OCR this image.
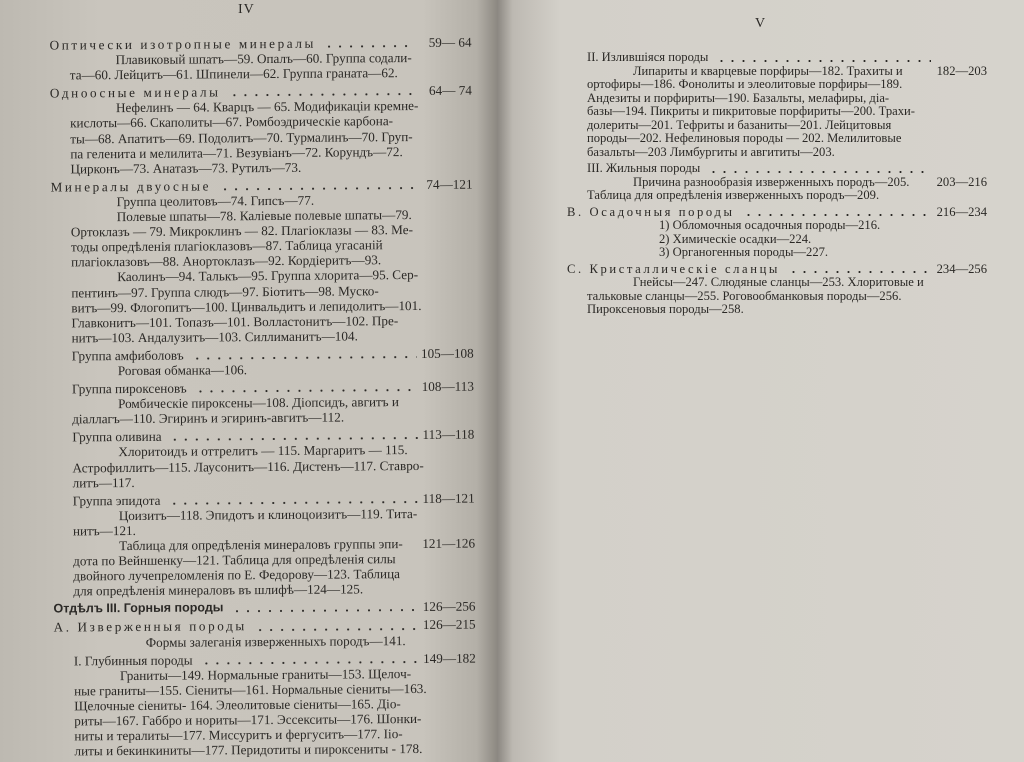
IV
Оптически изотропные минералы	59— 64
Плавиковый шпатъ—59. Опалъ—60. Группа содали-
та—60. Лейцитъ—61. Шпинели—62. Группа граната—62.
Одноосные минералы	64— 74
Нефелинъ — 64. Кварцъ — 65. Модификацiи кремне-
кислоты—66. Скаполиты—67. Ромбоэдрическiе карбона-
ты—68. Апатитъ—69. Подолитъ—70. Турмалинъ—70. Груп-
па геленита и мелилита—71. Везувiанъ—72. Корундъ—72.
Цирконъ—73. Анатазъ—73. Рутилъ—73.
Минералы двуосные	74—121
Группа цеолитовъ—74. Гипсъ—77.
Полевые шпаты—78. Калiевые полевые шпаты—79.
Ортоклазъ — 79. Микроклинъ — 82. Плагiоклазы — 83. Ме-
тоды опредѣленiя плагiоклазовъ—87. Таблица угасанiй
плагiоклазовъ—88. Анортоклазъ—92. Кордiеритъ—93.
Каолинъ—94. Талькъ—95. Группа хлорита—95. Сер-
пентинъ—97. Группа слюдъ—97. Бiотитъ—98. Муско-
витъ—99. Флогопитъ—100. Цинвальдитъ и лепидолитъ—101.
Главконитъ—101. Топазъ—101. Волластонитъ—102. Пре-
нитъ—103. Андалузитъ—103. Силлиманитъ—104.
Группа амфиболовъ	105—108
Роговая обманка—106.
Группа пироксеновъ	108—113
Ромбическiе пироксены—108. Дiопсидъ, авгитъ и
дiаллагъ—110. Эгиринъ и эгиринъ-авгитъ—112.
Группа оливина	113—118
Хлоритоидъ и оттрелитъ — 115. Маргаритъ — 115.
Астрофиллитъ—115. Лаусонитъ—116. Дистенъ—117. Ставро-
литъ—117.
Группа эпидота	118—121
Цоизитъ—118. Эпидотъ и клиноцоизитъ—119. Тита-
нитъ—121.
Таблица для опредѣленiя минераловъ группы эпи- 121—126
дота по Вейншенку—121. Таблица для опредѣленiя силы
двойного лучепреломленiя по Е. Федорову—123. Таблица
для опредѣленiя минераловъ въ шлифѣ—124—125.
Отдѣлъ III. Горныя породы	126—256
А. Изверженныя породы	126—215
Формы залеганiя изверженныхъ породъ—141.
I. Глубинныя породы	149—182
Граниты—149. Нормальные граниты—153. Щелоч-
ные граниты—155. Сiениты—161. Нормальные сiениты—163.
Щелочные сiениты- 164. Элеолитовые сiениты—165. Дiо-
риты—167. Габбро и нориты—171. Эссекситы—176. Шонки-
ниты и тералиты—177. Миссуритъ и фергуситъ—177. Iiо-
литы и бекинкиниты—177. Перидотиты и пироксениты - 178.
V
II. Излившiяся породы
Липариты и кварцевые порфиры—182. Трахиты и	182—203
ортофиры—186. Фонолиты и элеолитовые порфиры—189.
Андезиты и порфириты—190. Базальты, мелафиры, дiа-
базы—194. Пикриты и пикритовые порфириты—200. Трахи-
долериты—201. Тефриты и базаниты—201. Лейцитовыя
породы—202. Нефелиновыя породы — 202. Мелилитовые
базальты—203 Лимбургиты и авгититы—203.
III. Жильныя породы
Причина разнообразiя изверженныхъ породъ—205. 203—216
Таблица для опредѣленiя изверженныхъ породъ—209.
В. Осадочныя породы	216—234
1) Обломочныя осадочныя породы—216.
2) Химическiе осадки—224.
3) Органогенныя породы—227.
С. Кристаллическiе сланцы	234—256
Гнейсы—247. Слюдяные сланцы—253. Хлоритовые и
тальковые сланцы—255. Роговообманковыя породы—256.
Пироксеновыя породы—258.
